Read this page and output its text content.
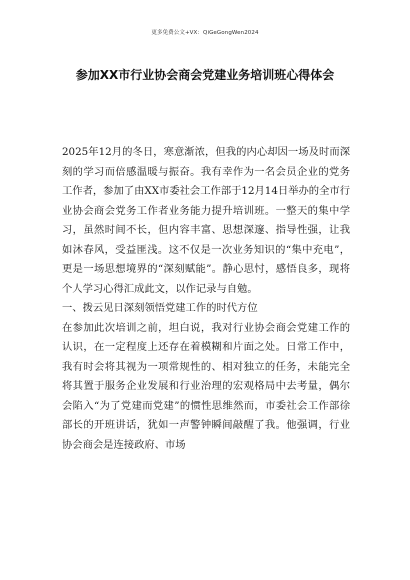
更多免费公文+VX：QiGeGongWen2024
参加XX市行业协会商会党建业务培训班心得体会

2025年12月的冬日，寒意渐浓，但我的内心却因一场及时而深刻的学习而倍感温暖与振奋。我有幸作为一名会员企业的党务工作者，参加了由XX市委社会工作部于12月14日举办的全市行业协会商会党务工作者业务能力提升培训班。一整天的集中学习，虽然时间不长，但内容丰富、思想深邃、指导性强，让我如沐春风，受益匪浅。这不仅是一次业务知识的“集中充电”，更是一场思想境界的“深刻赋能”。静心思忖，感悟良多，现将个人学习心得汇成此文，以作记录与自勉。

一、拨云见日深刻领悟党建工作的时代方位

在参加此次培训之前，坦白说，我对行业协会商会党建工作的认识，在一定程度上还存在着模糊和片面之处。日常工作中，我有时会将其视为一项常规性的、相对独立的任务，未能完全将其置于服务企业发展和行业治理的宏观格局中去考量，偶尔会陷入“为了党建而党建”的惯性思维然而，市委社会工作部徐部长的开班讲话，犹如一声警钟瞬间敲醒了我。他强调，行业协会商会是连接政府、市场
